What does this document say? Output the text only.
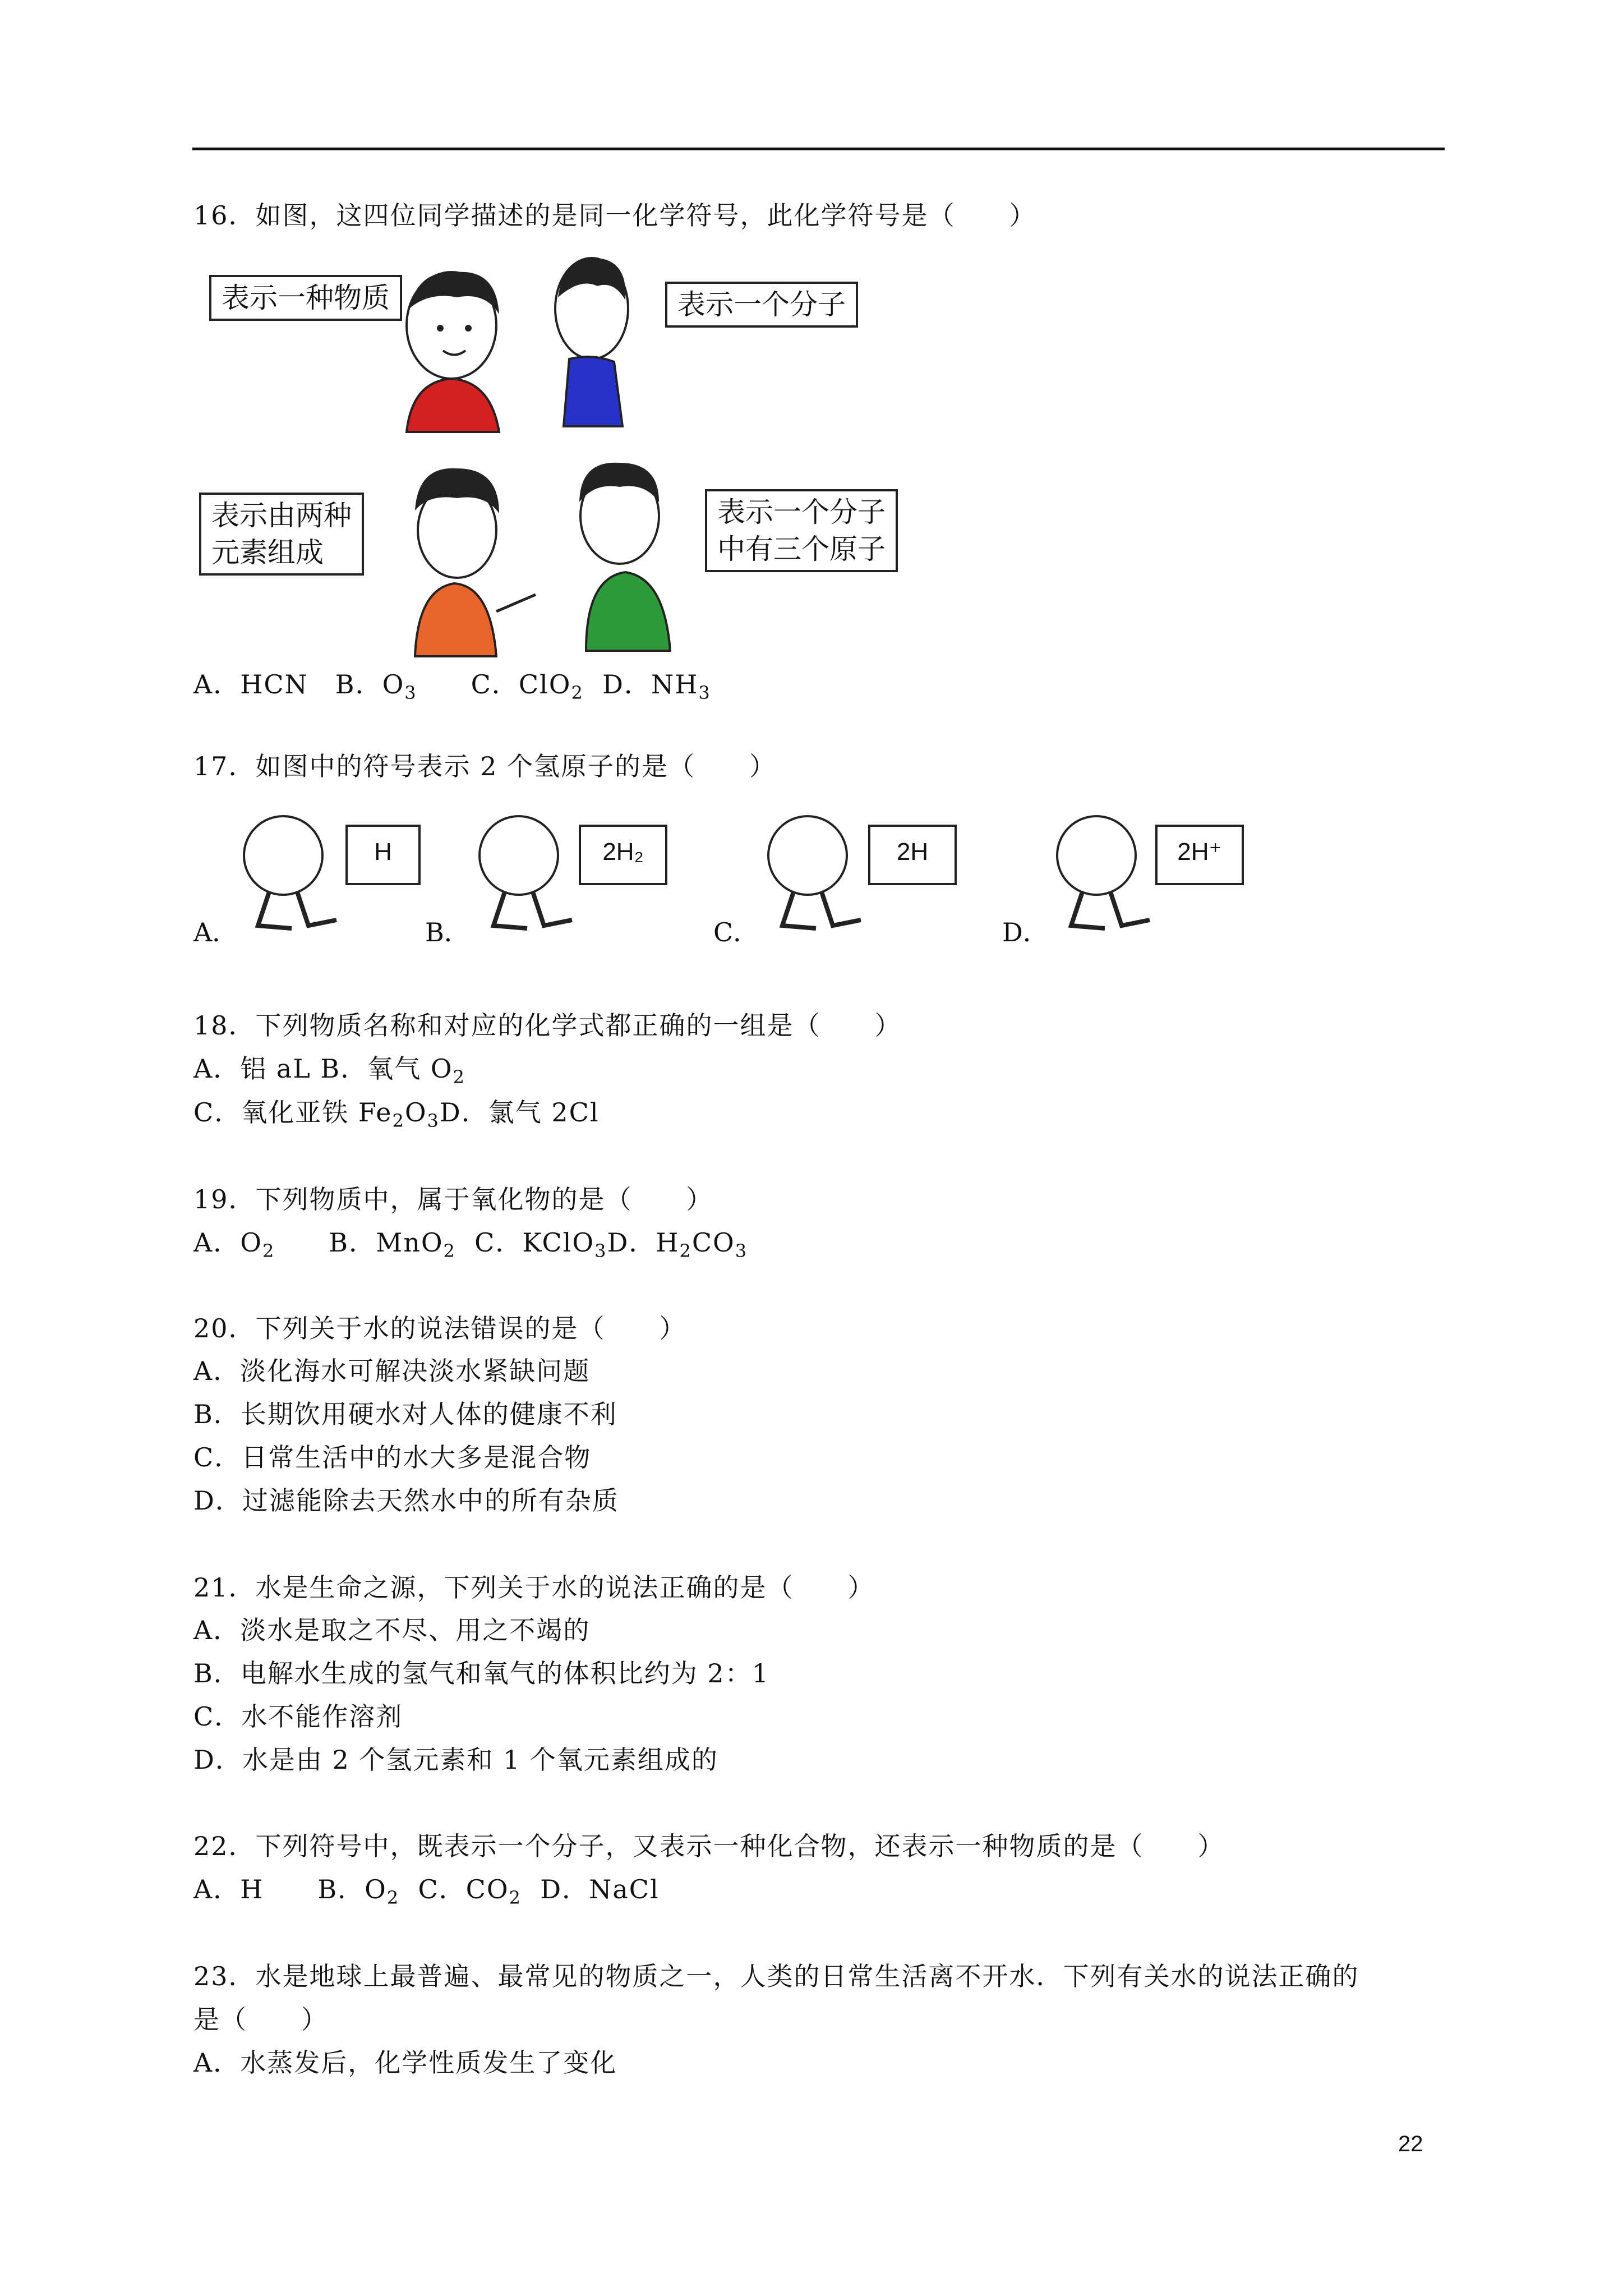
16．如图，这四位同学描述的是同一化学符号，此化学符号是（　　）
表示一种物质	表示一个分子
表示由两种
元素组成
表示一个分子
中有三个原子
A．HCN　 B．$O_3$　　 C．ClO$_2$ D．$NH_3$
17．如图中的符号表示 2 个氢原子的是（　　）
H	2H₂	2H	2H⁺
A．	B．	C．	D．
18．下列物质名称和对应的化学式都正确的一组是（　　）
A．铝 aL B．氧气 $O_2$
C．氧化亚铁 $Fe_2O_3D$．氯气 2Cl
19．下列物质中，属于氧化物的是（　　）
A．$O_2$　　 B．MnO$_2$ C．KClO$_3$D．$H_2CO_3$
20．下列关于水的说法错误的是（　　）
A．淡化海水可解决淡水紧缺问题
B．长期饮用硬水对人体的健康不利
C．日常生活中的水大多是混合物
D．过滤能除去天然水中的所有杂质
21．水是生命之源，下列关于水的说法正确的是（　　）
A．淡水是取之不尽、用之不竭的
B．电解水生成的氢气和氧气的体积比约为 2：1
C．水不能作溶剂
D．水是由 2 个氢元素和 1 个氧元素组成的
22．下列符号中，既表示一个分子，又表示一种化合物，还表示一种物质的是（　　）
A．H　　 B．$O_2$ C．$CO_2$ D．NaCl
23．水是地球上最普遍、最常见的物质之一，人类的日常生活离不开水．下列有关水的说法正确的
是（　　）
A．水蒸发后，化学性质发生了变化
22
